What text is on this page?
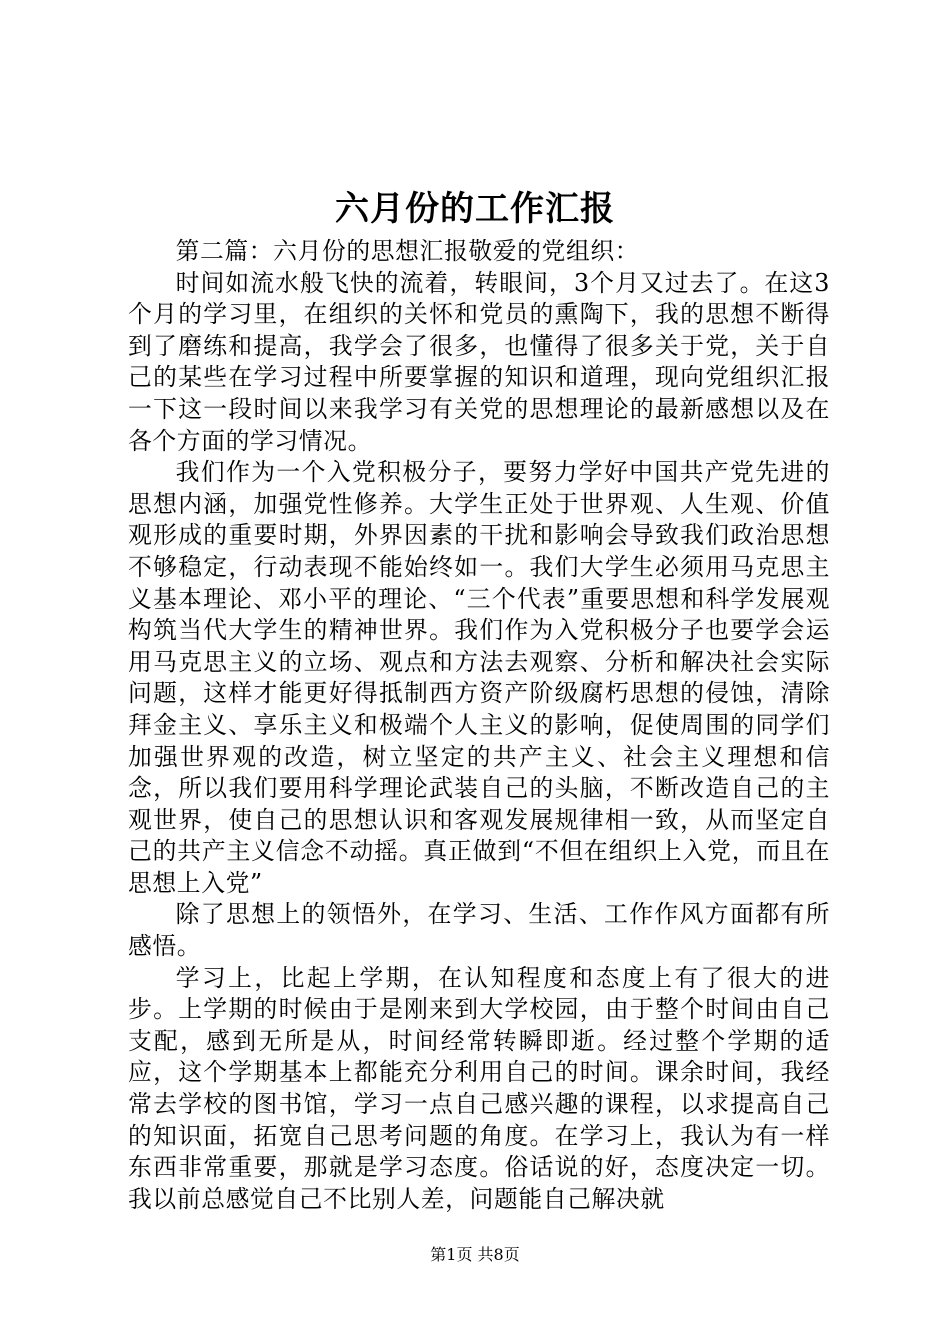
六月份的工作汇报

第二篇：六月份的思想汇报敬爱的党组织：

时间如流水般飞快的流着，转眼间，3个月又过去了。在这3个月的学习里，在组织的关怀和党员的熏陶下，我的思想不断得到了磨练和提高，我学会了很多，也懂得了很多关于党，关于自己的某些在学习过程中所要掌握的知识和道理，现向党组织汇报一下这一段时间以来我学习有关党的思想理论的最新感想以及在各个方面的学习情况。

我们作为一个入党积极分子，要努力学好中国共产党先进的思想内涵，加强党性修养。大学生正处于世界观、人生观、价值观形成的重要时期，外界因素的干扰和影响会导致我们政治思想不够稳定，行动表现不能始终如一。我们大学生必须用马克思主义基本理论、邓小平的理论、“三个代表”重要思想和科学发展观构筑当代大学生的精神世界。我们作为入党积极分子也要学会运用马克思主义的立场、观点和方法去观察、分析和解决社会实际问题，这样才能更好得抵制西方资产阶级腐朽思想的侵蚀，清除拜金主义、享乐主义和极端个人主义的影响，促使周围的同学们加强世界观的改造，树立坚定的共产主义、社会主义理想和信念，所以我们要用科学理论武装自己的头脑，不断改造自己的主观世界，使自己的思想认识和客观发展规律相一致，从而坚定自己的共产主义信念不动摇。真正做到“不但在组织上入党，而且在思想上入党”

除了思想上的领悟外，在学习、生活、工作作风方面都有所感悟。

学习上，比起上学期，在认知程度和态度上有了很大的进步。上学期的时候由于是刚来到大学校园，由于整个时间由自己支配，感到无所是从，时间经常转瞬即逝。经过整个学期的适应，这个学期基本上都能充分利用自己的时间。课余时间，我经常去学校的图书馆，学习一点自己感兴趣的课程，以求提高自己的知识面，拓宽自己思考问题的角度。在学习上，我认为有一样东西非常重要，那就是学习态度。俗话说的好，态度决定一切。我以前总感觉自己不比别人差，问题能自己解决就

第1页 共8页
